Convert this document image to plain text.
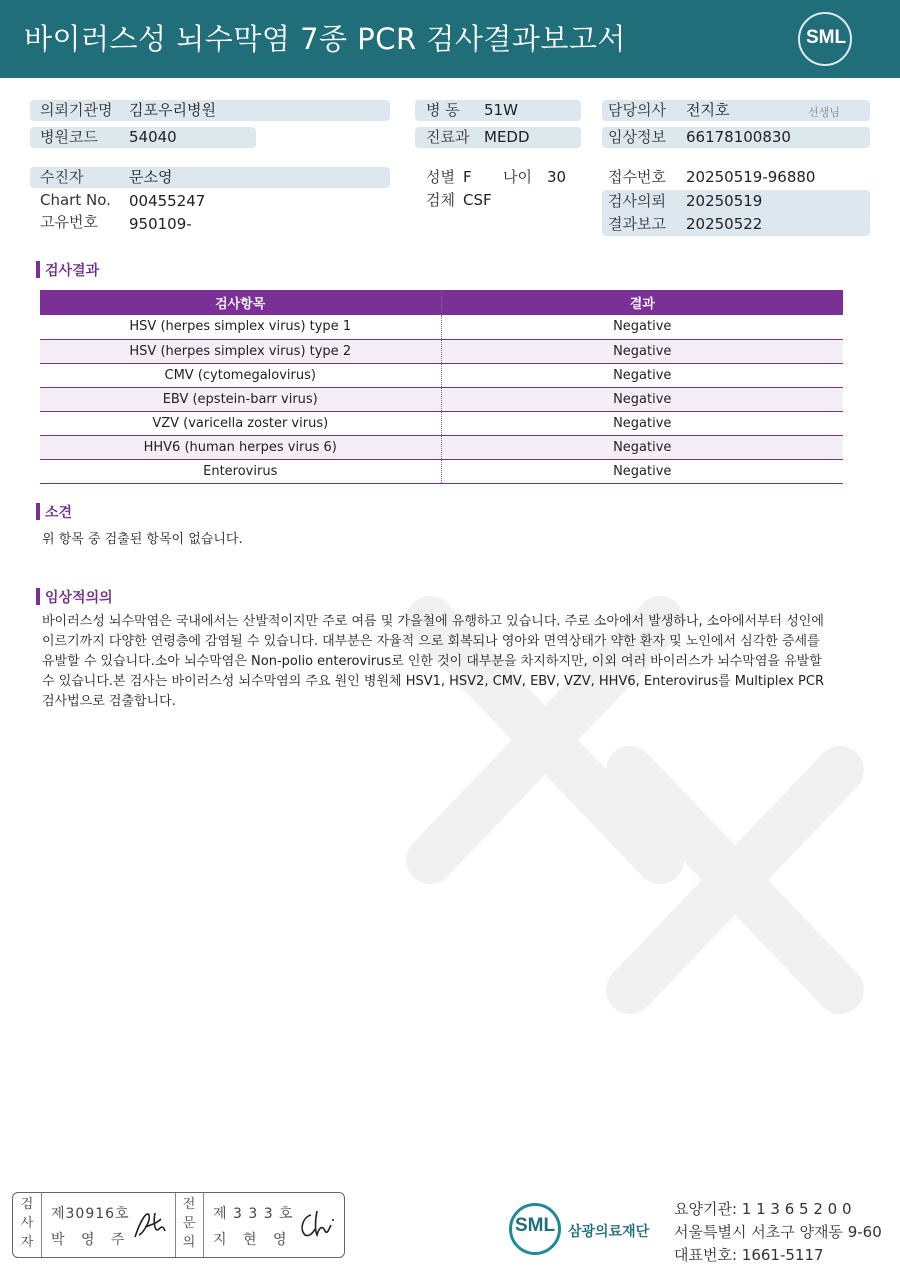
바이러스성 뇌수막염 7종 PCR 검사결과보고서	SML
의뢰기관명 김포우리병원
병원코드 54040
수진자	문소영
Chart No. 00455247
고유번호 950109-
병 동 51W
진료과 MEDD
성별 F 나이 30
검체 CSF
담당의사 전지호	선생님
임상정보 66178100830
접수번호 20250519-96880
검사의뢰 20250519
결과보고 20250522
검사결과
검사항목	결과
HSV (herpes simplex virus) type 1	Negative
HSV (herpes simplex virus) type 2	Negative
CMV (cytomegalovirus)	Negative
EBV (epstein-barr virus)	Negative
VZV (varicella zoster virus)	Negative
HHV6 (human herpes virus 6)	Negative
Enterovirus	Negative
소견
위 항목 중 검출된 항목이 없습니다.
임상적의의
바이러스성 뇌수막염은 국내에서는 산발적이지만 주로 여름 및 가을철에 유행하고 있습니다. 주로 소아에서 발생하나, 소아에서부터 성인에
이르기까지 다양한 연령층에 감염될 수 있습니다. 대부분은 자율적 으로 회복되나 영아와 면역상태가 약한 환자 및 노인에서 심각한 증세를
유발할 수 있습니다.소아 뇌수막염은 Non-polio enterovirus로 인한 것이 대부분을 차지하지만, 이외 여러 바이러스가 뇌수막염을 유발할
수 있습니다.본 검사는 바이러스성 뇌수막염의 주요 원인 병원체 HSV1, HSV2, CMV, EBV, VZV, HHV6, Enterovirus를 Multiplex PCR
검사법으로 검출합니다.
검
사
자
제30916호
박 영 주
전
문
의
제 3 3 3 호
지 현 영
SML 삼광의료재단
요양기관: 1 1 3 6 5 2 0 0
서울특별시 서초구 양재동 9-60
대표번호: 1661-5117
